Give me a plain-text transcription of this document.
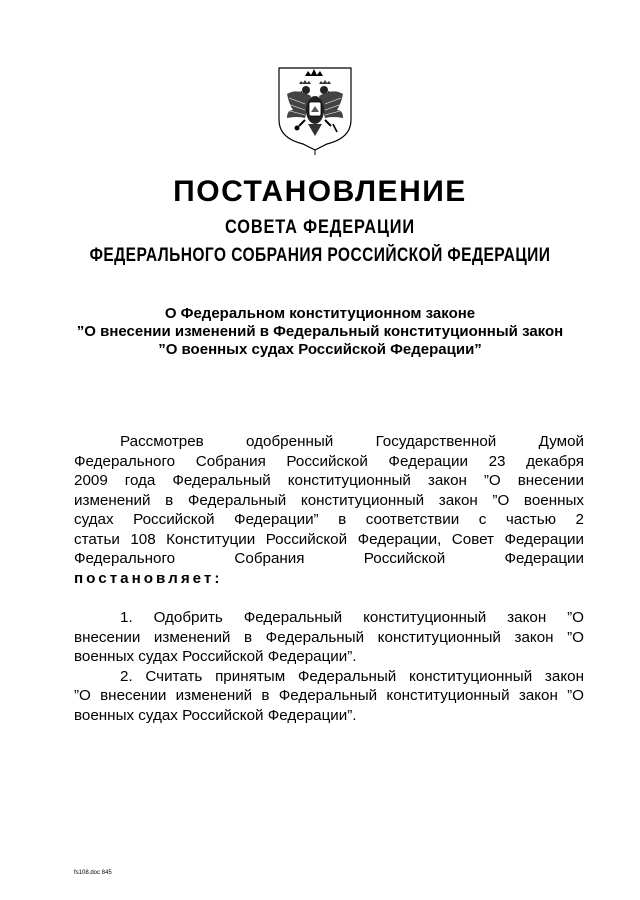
ПОСТАНОВЛЕНИЕ
СОВЕТА ФЕДЕРАЦИИ
ФЕДЕРАЛЬНОГО СОБРАНИЯ РОССИЙСКОЙ ФЕДЕРАЦИИ
О Федеральном конституционном законе
”О внесении изменений в Федеральный конституционный закон
”О военных судах Российской Федерации”
Рассмотрев одобренный Государственной Думой
Федерального Собрания Российской Федерации 23 декабря
2009 года Федеральный конституционный закон ”О внесении
изменений в Федеральный конституционный закон ”О военных
судах Российской Федерации” в соответствии с частью 2
статьи 108 Конституции Российской Федерации, Совет Федерации
Федерального Собрания Российской Федерации
постановляет:
1. Одобрить Федеральный конституционный закон ”О
внесении изменений в Федеральный конституционный закон ”О
военных судах Российской Федерации”.
2. Считать принятым Федеральный конституционный закон
”О внесении изменений в Федеральный конституционный закон ”О
военных судах Российской Федерации”.
fs108.doc 845
